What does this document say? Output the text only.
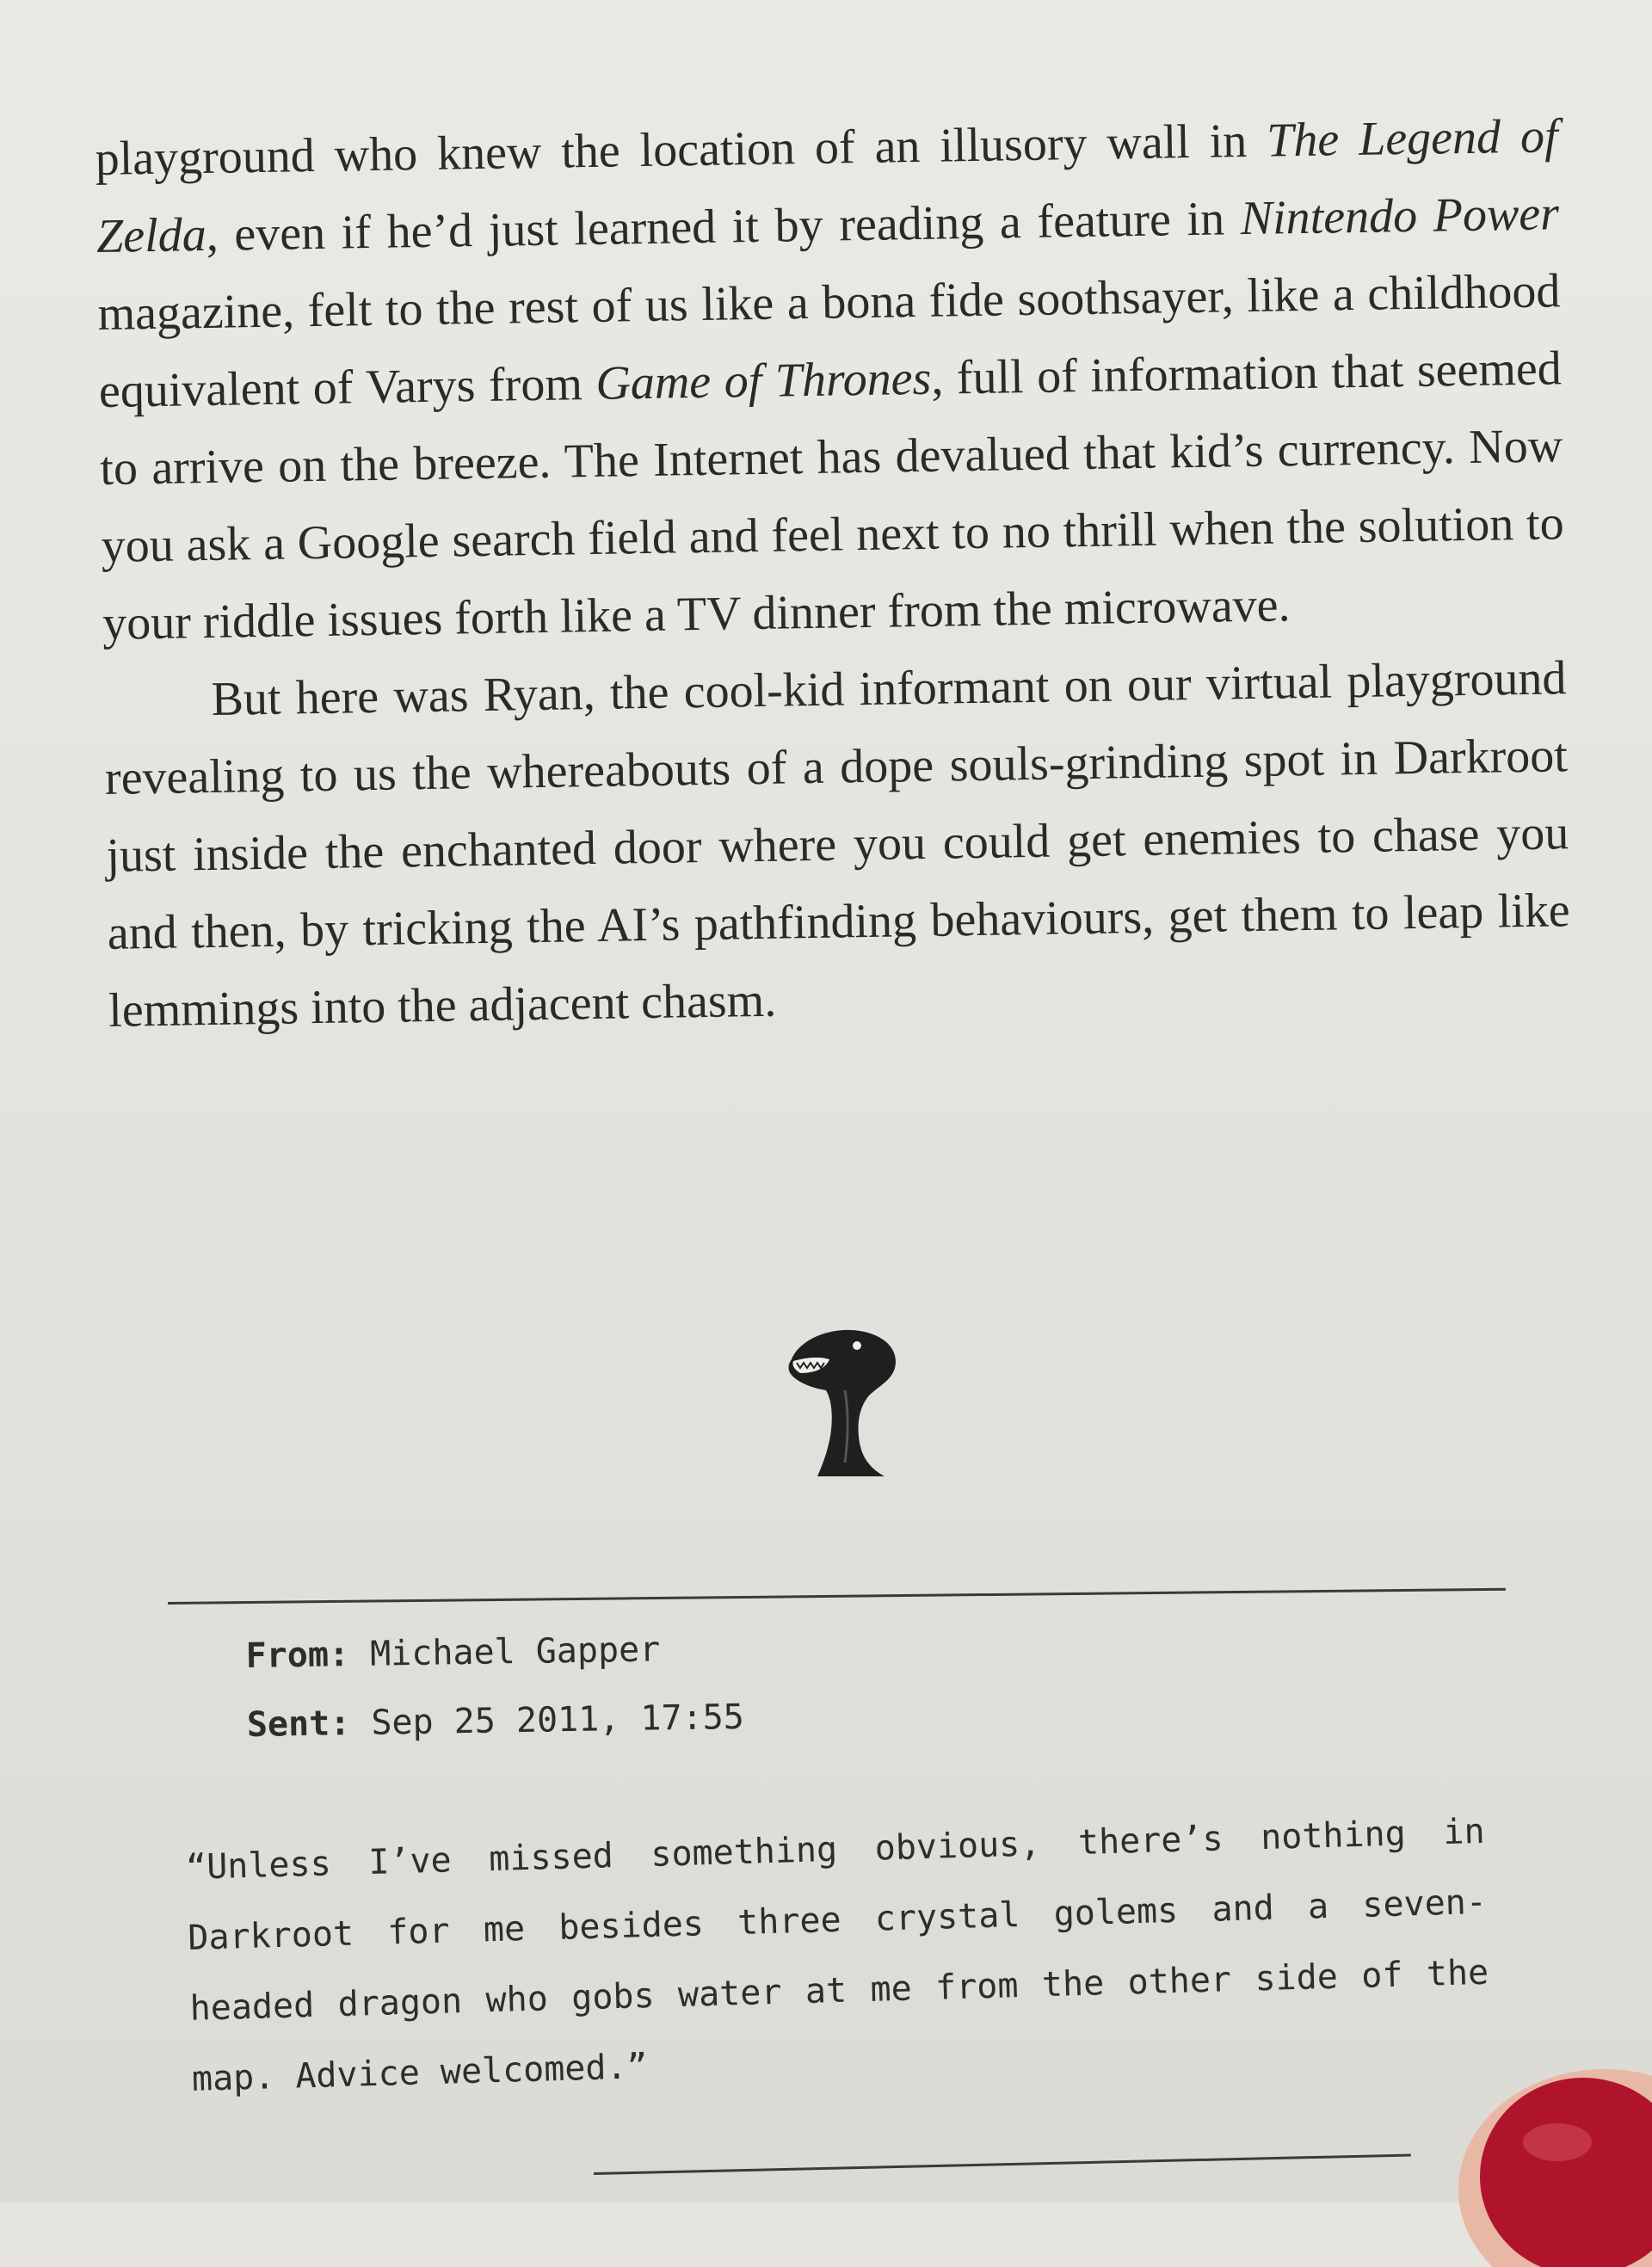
playground who knew the location of an illusory wall in The Legend of Zelda, even if he’d just learned it by reading a feature in Nintendo Power magazine, felt to the rest of us like a bona fide soothsayer, like a childhood equivalent of Varys from Game of Thrones, full of information that seemed to arrive on the breeze. The Internet has devalued that kid’s currency. Now you ask a Google search field and feel next to no thrill when the solution to your riddle issues forth like a TV dinner from the microwave.

But here was Ryan, the cool-kid informant on our virtual playground revealing to us the whereabouts of a dope souls-grinding spot in Darkroot just inside the enchanted door where you could get enemies to chase you and then, by tricking the AI’s pathfinding behaviours, get them to leap like lemmings into the adjacent chasm.

From: Michael Gapper
Sent: Sep 25 2011, 17:55

“Unless I’ve missed something obvious, there’s nothing in Darkroot for me besides three crystal golems and a seven-headed dragon who gobs water at me from the other side of the map. Advice welcomed.”
